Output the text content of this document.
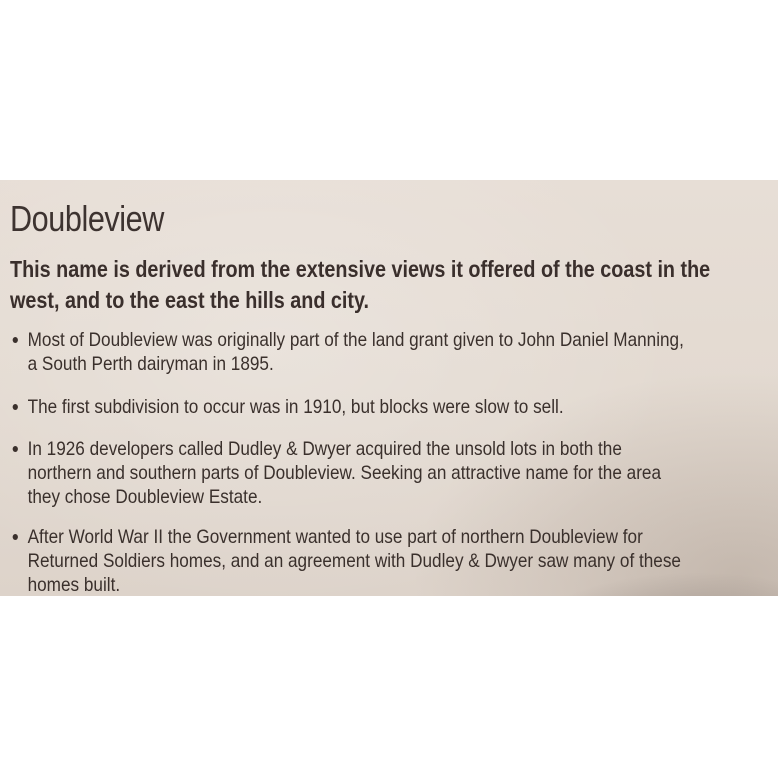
Doubleview
This name is derived from the extensive views it offered of the coast in the
west, and to the east the hills and city.
Most of Doubleview was originally part of the land grant given to John Daniel Manning,
a South Perth dairyman in 1895.
The first subdivision to occur was in 1910, but blocks were slow to sell.
In 1926 developers called Dudley & Dwyer acquired the unsold lots in both the
northern and southern parts of Doubleview. Seeking an attractive name for the area
they chose Doubleview Estate.
After World War II the Government wanted to use part of northern Doubleview for
Returned Soldiers homes, and an agreement with Dudley & Dwyer saw many of these
homes built.
